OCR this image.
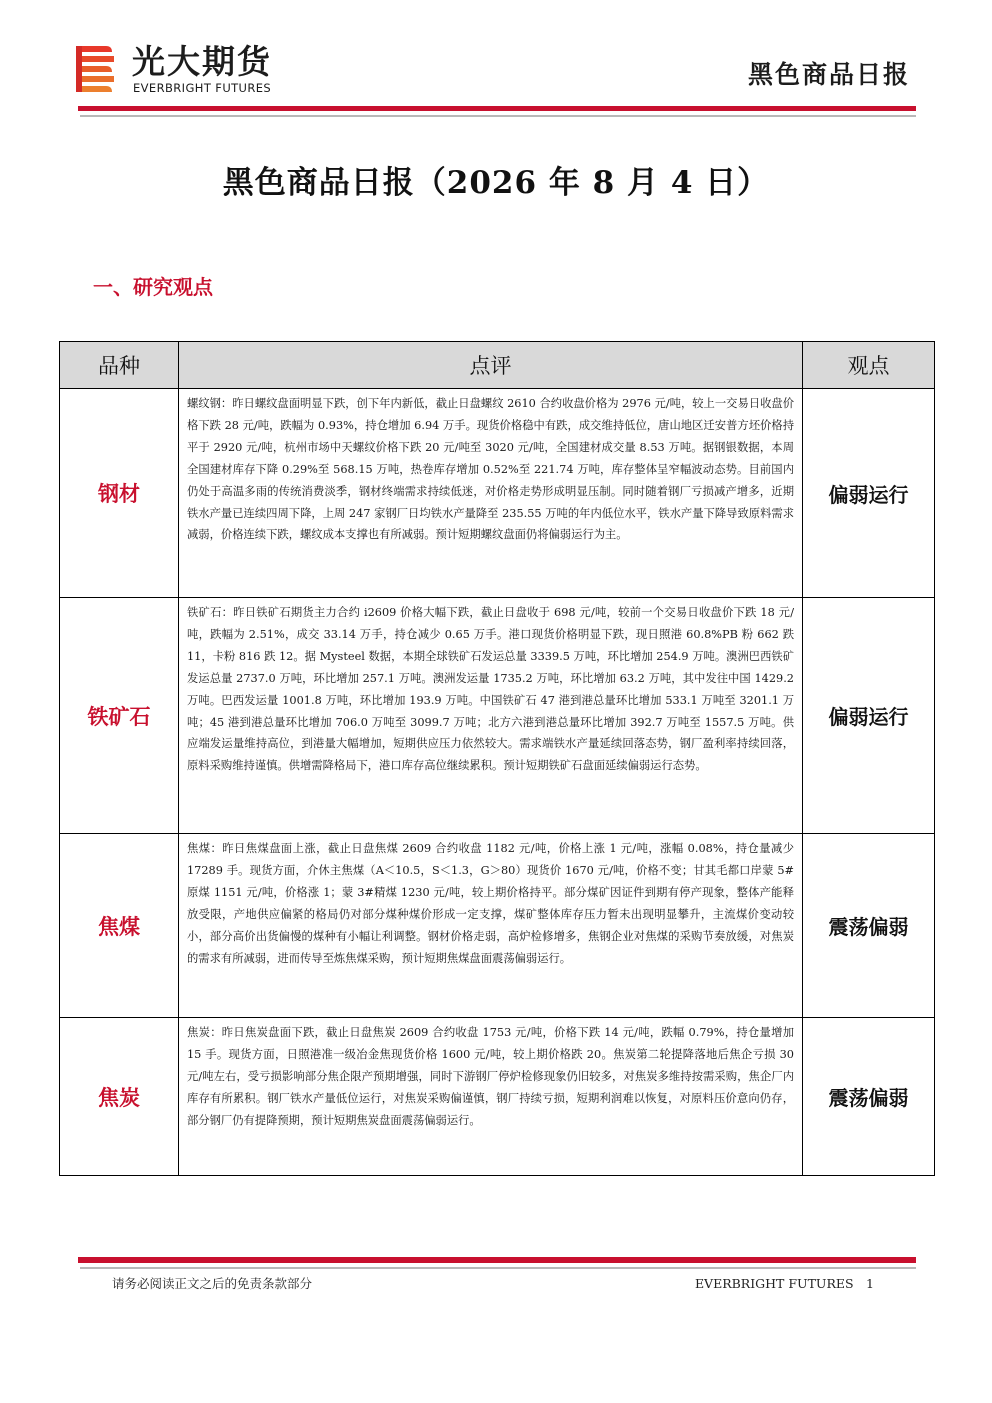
光大期货
EVERBRIGHT FUTURES	黑色商品日报
黑色商品日报（2026 年 8 月 4 日）
一、研究观点
品种	点评	观点
钢材	螺纹钢：昨日螺纹盘面明显下跌，创下年内新低，截止日盘螺纹 2610 合约收盘价格为 2976 元/吨，较上一交易日收盘价格下跌 28 元/吨，跌幅为 0.93%，持仓增加 6.94 万手。现货价格稳中有跌，成交维持低位，唐山地区迁安普方坯价格持平于 2920 元/吨，杭州市场中天螺纹价格下跌 20 元/吨至 3020 元/吨，全国建材成交量 8.53 万吨。据钢银数据，本周全国建材库存下降 0.29%至 568.15 万吨，热卷库存增加 0.52%至 221.74 万吨，库存整体呈窄幅波动态势。目前国内仍处于高温多雨的传统消费淡季，钢材终端需求持续低迷，对价格走势形成明显压制。同时随着钢厂亏损减产增多，近期铁水产量已连续四周下降，上周 247 家钢厂日均铁水产量降至 235.55 万吨的年内低位水平，铁水产量下降导致原料需求减弱，价格连续下跌，螺纹成本支撑也有所减弱。预计短期螺纹盘面仍将偏弱运行为主。	偏弱运行
铁矿石	铁矿石：昨日铁矿石期货主力合约 i2609 价格大幅下跌，截止日盘收于 698 元/吨，较前一个交易日收盘价下跌 18 元/吨，跌幅为 2.51%，成交 33.14 万手，持仓减少 0.65 万手。港口现货价格明显下跌，现日照港 60.8%PB 粉 662 跌 11，卡粉 816 跌 12。据 Mysteel 数据，本期全球铁矿石发运总量 3339.5 万吨，环比增加 254.9 万吨。澳洲巴西铁矿发运总量 2737.0 万吨，环比增加 257.1 万吨。澳洲发运量 1735.2 万吨，环比增加 63.2 万吨，其中发往中国 1429.2 万吨。巴西发运量 1001.8 万吨，环比增加 193.9 万吨。中国铁矿石 47 港到港总量环比增加 533.1 万吨至 3201.1 万吨；45 港到港总量环比增加 706.0 万吨至 3099.7 万吨；北方六港到港总量环比增加 392.7 万吨至 1557.5 万吨。供应端发运量维持高位，到港量大幅增加，短期供应压力依然较大。需求端铁水产量延续回落态势，钢厂盈利率持续回落，原料采购维持谨慎。供增需降格局下，港口库存高位继续累积。预计短期铁矿石盘面延续偏弱运行态势。	偏弱运行
焦煤	焦煤：昨日焦煤盘面上涨，截止日盘焦煤 2609 合约收盘 1182 元/吨，价格上涨 1 元/吨，涨幅 0.08%，持仓量减少 17289 手。现货方面，介休主焦煤（A＜10.5，S＜1.3，G＞80）现货价 1670 元/吨，价格不变；甘其毛都口岸蒙 5#原煤 1151 元/吨，价格涨 1；蒙 3#精煤 1230 元/吨，较上期价格持平。部分煤矿因证件到期有停产现象，整体产能释放受限，产地供应偏紧的格局仍对部分煤种煤价形成一定支撑，煤矿整体库存压力暂未出现明显攀升，主流煤价变动较小，部分高价出货偏慢的煤种有小幅让利调整。钢材价格走弱，高炉检修增多，焦钢企业对焦煤的采购节奏放缓，对焦炭的需求有所减弱，进而传导至炼焦煤采购，预计短期焦煤盘面震荡偏弱运行。	震荡偏弱
焦炭	焦炭：昨日焦炭盘面下跌，截止日盘焦炭 2609 合约收盘 1753 元/吨，价格下跌 14 元/吨，跌幅 0.79%，持仓量增加 15 手。现货方面，日照港准一级冶金焦现货价格 1600 元/吨，较上期价格跌 20。焦炭第二轮提降落地后焦企亏损 30 元/吨左右，受亏损影响部分焦企限产预期增强，同时下游钢厂停炉检修现象仍旧较多，对焦炭多维持按需采购，焦企厂内库存有所累积。钢厂铁水产量低位运行，对焦炭采购偏谨慎，钢厂持续亏损，短期利润难以恢复，对原料压价意向仍存，部分钢厂仍有提降预期，预计短期焦炭盘面震荡偏弱运行。	震荡偏弱
请务必阅读正文之后的免责条款部分	EVERBRIGHT FUTURES　1
